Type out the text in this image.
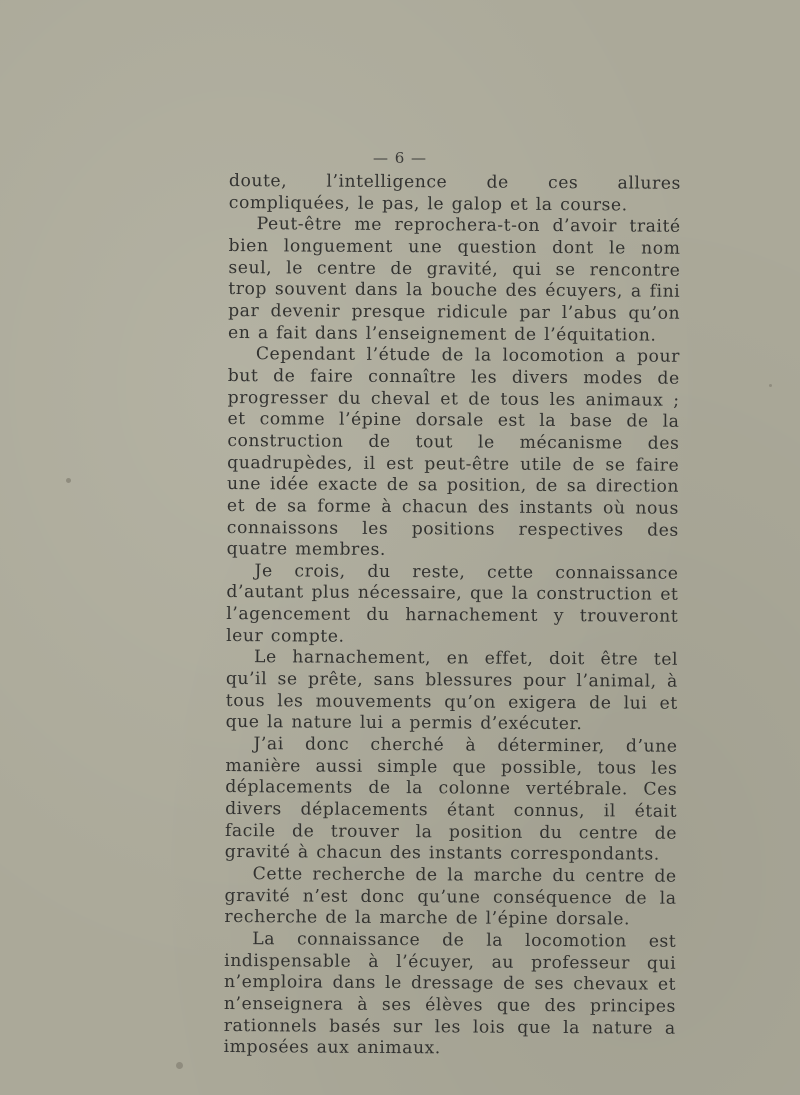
— 6 —

doute, l’intelligence de ces allures compliquées, le pas, le galop et la course.

Peut-être me reprochera-t-on d’avoir traité bien longuement une question dont le nom seul, le centre de gravité, qui se rencontre trop souvent dans la bouche des écuyers, a fini par devenir presque ridicule par l’abus qu’on en a fait dans l’enseignement de l’équitation.

Cependant l’étude de la locomotion a pour but de faire connaître les divers modes de progresser du cheval et de tous les animaux ; et comme l’épine dorsale est la base de la construction de tout le mécanisme des quadrupèdes, il est peut-être utile de se faire une idée exacte de sa position, de sa direction et de sa forme à chacun des instants où nous connaissons les positions respectives des quatre membres.

Je crois, du reste, cette connaissance d’autant plus nécessaire, que la construction et l’agencement du harnachement y trouveront leur compte.

Le harnachement, en effet, doit être tel qu’il se prête, sans blessures pour l’animal, à tous les mouvements qu’on exigera de lui et que la nature lui a permis d’exécuter.

J’ai donc cherché à déterminer, d’une manière aussi simple que possible, tous les déplacements de la colonne vertébrale. Ces divers déplacements étant connus, il était facile de trouver la position du centre de gravité à chacun des instants correspondants.

Cette recherche de la marche du centre de gravité n’est donc qu’une conséquence de la recherche de la marche de l’épine dorsale.

La connaissance de la locomotion est indispensable à l’écuyer, au professeur qui n’emploira dans le dressage de ses chevaux et n’enseignera à ses élèves que des principes rationnels basés sur les lois que la nature a imposées aux animaux.
